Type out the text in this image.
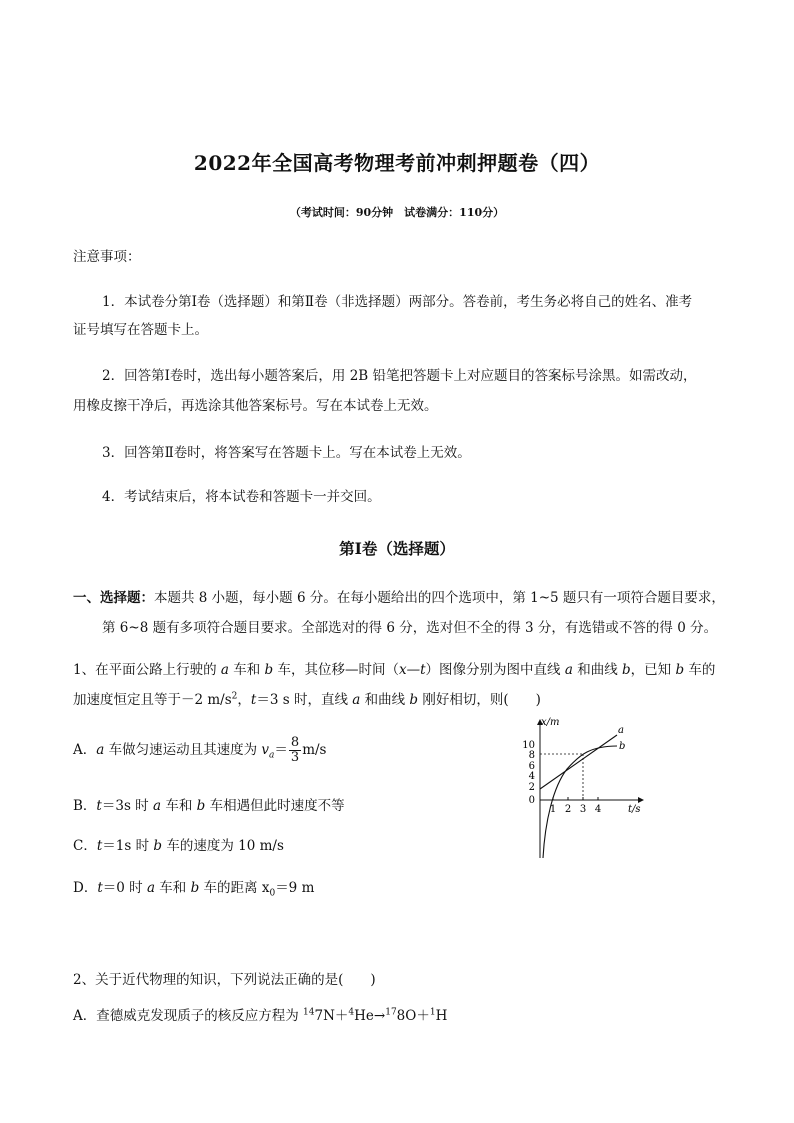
2022年全国高考物理考前冲刺押题卷（四）
（考试时间：90分钟　试卷满分：110分）
注意事项：
1．本试卷分第Ⅰ卷（选择题）和第Ⅱ卷（非选择题）两部分。答卷前，考生务必将自己的姓名、准考
证号填写在答题卡上。
2．回答第Ⅰ卷时，选出每小题答案后，用 2B 铅笔把答题卡上对应题目的答案标号涂黑。如需改动，
用橡皮擦干净后，再选涂其他答案标号。写在本试卷上无效。
3．回答第Ⅱ卷时，将答案写在答题卡上。写在本试卷上无效。
4．考试结束后，将本试卷和答题卡一并交回。
第Ⅰ卷（选择题）
一、选择题：本题共 8 小题，每小题 6 分。在每小题给出的四个选项中，第 1~5 题只有一项符合题目要求，
第 6~8 题有多项符合题目要求。全部选对的得 6 分，选对但不全的得 3 分，有选错或不答的得 0 分。
1、在平面公路上行驶的 a 车和 b 车，其位移—时间（x—t）图像分别为图中直线 a 和曲线 b，已知 b 车的
加速度恒定且等于－2 $m/s^2$，t＝3 s 时，直线 a 和曲线 b 刚好相切，则(　　)
A．a 车做匀速运动且其速度为 $v_a= \frac{8}{3} m/s$
B．t＝3s 时 a 车和 b 车相遇但此时速度不等
C．t＝1s 时 b 车的速度为 10 m/s
D．t＝0 时 a 车和 b 车的距离 $x_0=9$ m
x/m
t/s
10
8
6
4
2
0
1 2 3 4
a
b
2、关于近代物理的知识，下列说法正确的是(　　)
A．查德威克发现质子的核反应方程为 $^{14}$7N＋$^4$He→$^{17}$8O＋$^1$H
